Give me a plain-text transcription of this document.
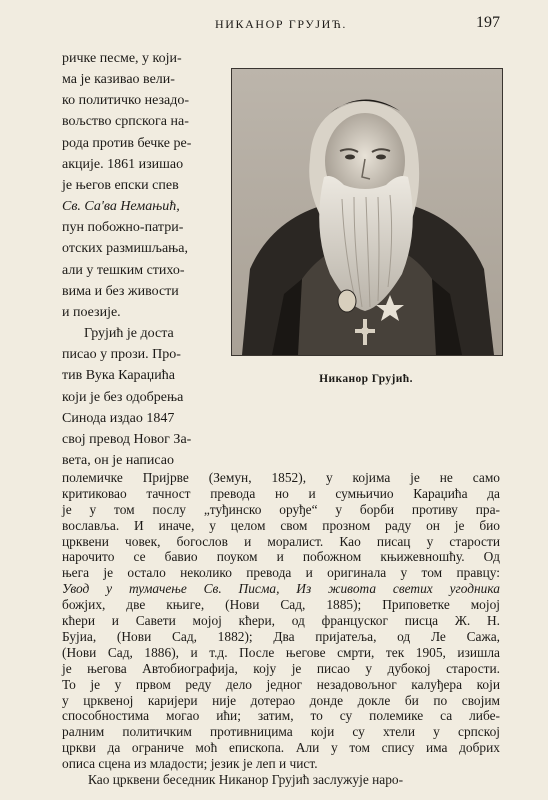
НИКАНОР ГРУЈИЋ.	197
Никанор Грујић.

ричке песме, у који-

ма је казивао вели-

ко политичко незадо-

вољство српскога на-

рода против бечке ре-

акције. 1861 изишао

је његов епски спев

Св. Са'ва Немањић,

пун побожно-патри-

отских размишљања,

али у тешким стихо-

вима и без живости

и поезије.

Грујић је доста

писао у прози. Про-

тив Вука Караџића

који је без одобрења

Синода издао 1847

свој превод Новог За-

вета, он је написао

полемичке Пријрве (Земун, 1852), у којима је не само

критиковао тачност превода но и сумњичио Караџића да

је у том послу „туђинско оруђе“ у борби противу пра-

вославља. И иначе, у целом свом прозном раду он је био

црквени човек, богослов и моралист. Као писац у старости

нарочито се бавио поуком и побожном књижевношћу. Од

њега је остало неколико превода и оригинала у том правцу:

Увод у тумачење Св. Писма, Из живота светих угодника

божјих, две књиге, (Нови Сад, 1885); Приповетке мојој

кћери и Савети мојој кћери, од француског писца Ж. Н.

Бујиа, (Нови Сад, 1882); Два пријатеља, од Ле Сажа,

(Нови Сад, 1886), и т.д. После његове смрти, тек 1905, изишла

је његова Автобиографија, коју је писао у дубокој старости.

То је у првом реду дело једног незадовољног калуђера који

у црквеној каријери није дотерао донде докле би по својим

способностима могао ићи; затим, то су полемике са либе-

ралним политичким противницима који су хтели у српској

цркви да ограниче моћ епископа. Али у том спису има добрих

описа сцена из младости; језик је леп и чист.

Као црквени беседник Никанор Грујић заслужује наро-
